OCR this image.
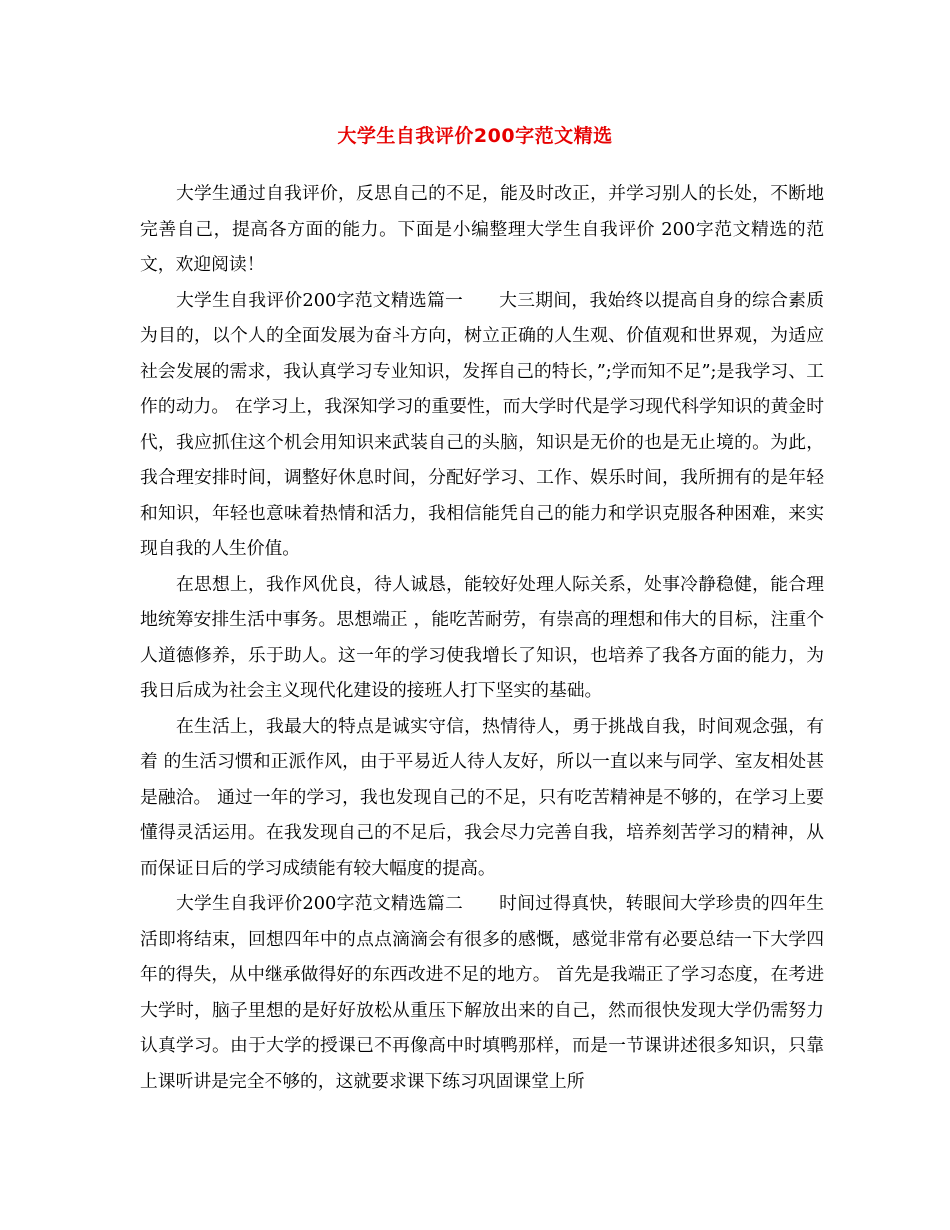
大学生自我评价200字范文精选

大学生通过自我评价，反思自己的不足，能及时改正，并学习别人的长处，不断地完善自己，提高各方面的能力。下面是小编整理大学生自我评价 200字范文精选的范文，欢迎阅读！

大学生自我评价200字范文精选篇一　　大三期间，我始终以提高自身的综合素质为目的，以个人的全面发展为奋斗方向，树立正确的人生观、价值观和世界观，为适应社会发展的需求，我认真学习专业知识，发挥自己的特长，”;学而知不足”;是我学习、工作的动力。 在学习上，我深知学习的重要性，而大学时代是学习现代科学知识的黄金时代，我应抓住这个机会用知识来武装自己的头脑，知识是无价的也是无止境的。为此，我合理安排时间，调整好休息时间，分配好学习、工作、娱乐时间，我所拥有的是年轻和知识，年轻也意味着热情和活力，我相信能凭自己的能力和学识克服各种困难，来实现自我的人生价值。

在思想上，我作风优良，待人诚恳，能较好处理人际关系，处事冷静稳健，能合理地统筹安排生活中事务。思想端正 ，能吃苦耐劳，有崇高的理想和伟大的目标，注重个人道德修养，乐于助人。这一年的学习使我增长了知识，也培养了我各方面的能力，为我日后成为社会主义现代化建设的接班人打下坚实的基础。

在生活上，我最大的特点是诚实守信，热情待人，勇于挑战自我，时间观念强，有着 的生活习惯和正派作风，由于平易近人待人友好，所以一直以来与同学、室友相处甚是融洽。 通过一年的学习，我也发现自己的不足，只有吃苦精神是不够的，在学习上要懂得灵活运用。在我发现自己的不足后，我会尽力完善自我，培养刻苦学习的精神，从而保证日后的学习成绩能有较大幅度的提高。

大学生自我评价200字范文精选篇二　　时间过得真快，转眼间大学珍贵的四年生活即将结束，回想四年中的点点滴滴会有很多的感慨，感觉非常有必要总结一下大学四年的得失，从中继承做得好的东西改进不足的地方。 首先是我端正了学习态度，在考进大学时，脑子里想的是好好放松从重压下解放出来的自己，然而很快发现大学仍需努力认真学习。由于大学的授课已不再像高中时填鸭那样，而是一节课讲述很多知识，只靠上课听讲是完全不够的，这就要求课下练习巩固课堂上所
